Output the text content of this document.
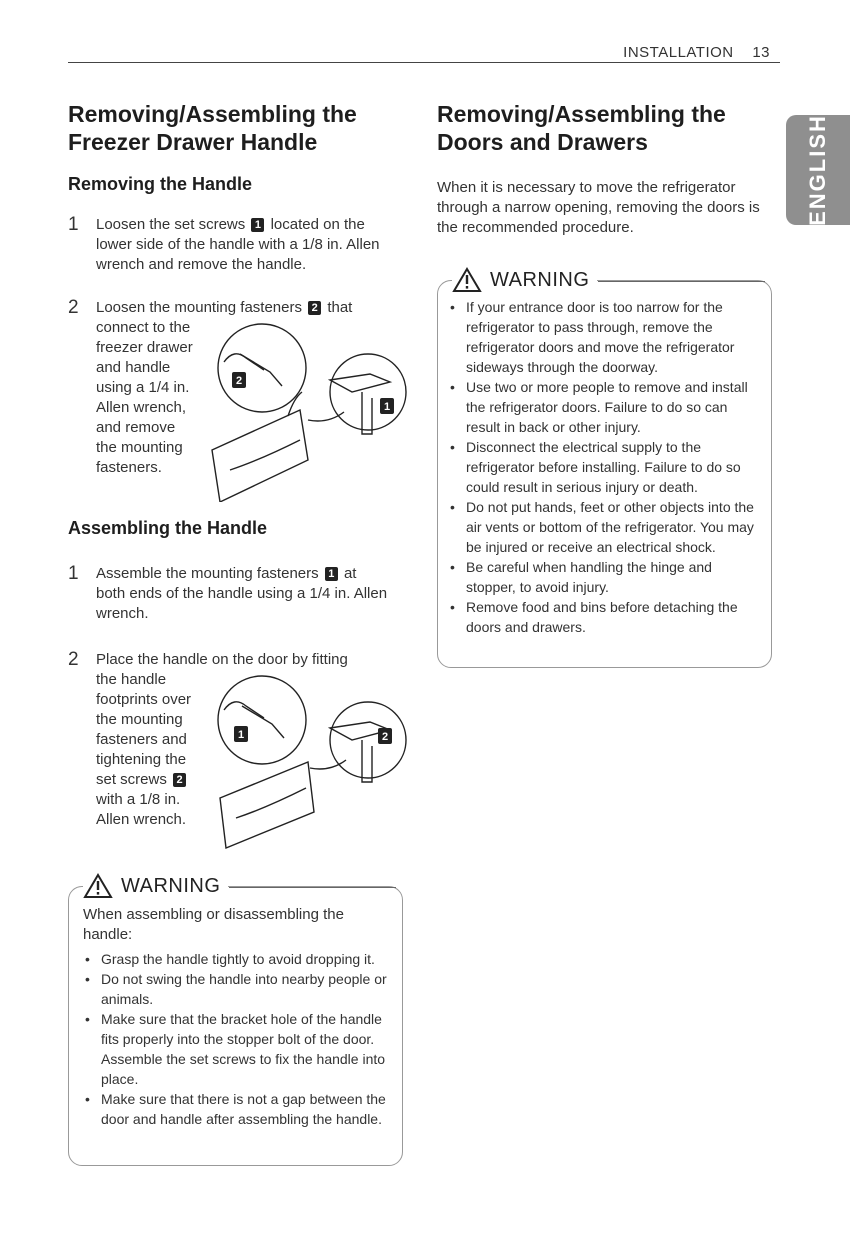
INSTALLATION 13
ENGLISH
Removing/Assembling the
Freezer Drawer Handle
Removing the Handle
1 Loosen the set screws 1 located on the
lower side of the handle with a 1/8 in. Allen
wrench and remove the handle.
2 Loosen the mounting fasteners 2 that
connect to the
freezer drawer
and handle
using a 1/4 in.
Allen wrench,
and remove
the mounting
fasteners.
2
1
Assembling the Handle
1 Assemble the mounting fasteners 1 at
both ends of the handle using a 1/4 in. Allen
wrench.
2 Place the handle on the door by fitting
the handle
footprints over
the mounting
fasteners and
tightening the
set screws 2
with a 1/8 in.
Allen wrench.
1	2
WARNING
When assembling or disassembling the handle:
• Grasp the handle tightly to avoid dropping it.
• Do not swing the handle into nearby people or animals.
• Make sure that the bracket hole of the handle fits properly into the stopper bolt of the door. Assemble the set screws to fix the handle into place.
• Make sure that there is not a gap between the door and handle after assembling the handle.
Removing/Assembling the
Doors and Drawers
When it is necessary to move the refrigerator through a narrow opening, removing the doors is the recommended procedure.
WARNING
• If your entrance door is too narrow for the refrigerator to pass through, remove the refrigerator doors and move the refrigerator sideways through the doorway.
• Use two or more people to remove and install the refrigerator doors. Failure to do so can result in back or other injury.
• Disconnect the electrical supply to the refrigerator before installing. Failure to do so could result in serious injury or death.
• Do not put hands, feet or other objects into the air vents or bottom of the refrigerator. You may be injured or receive an electrical shock.
• Be careful when handling the hinge and stopper, to avoid injury.
• Remove food and bins before detaching the doors and drawers.
